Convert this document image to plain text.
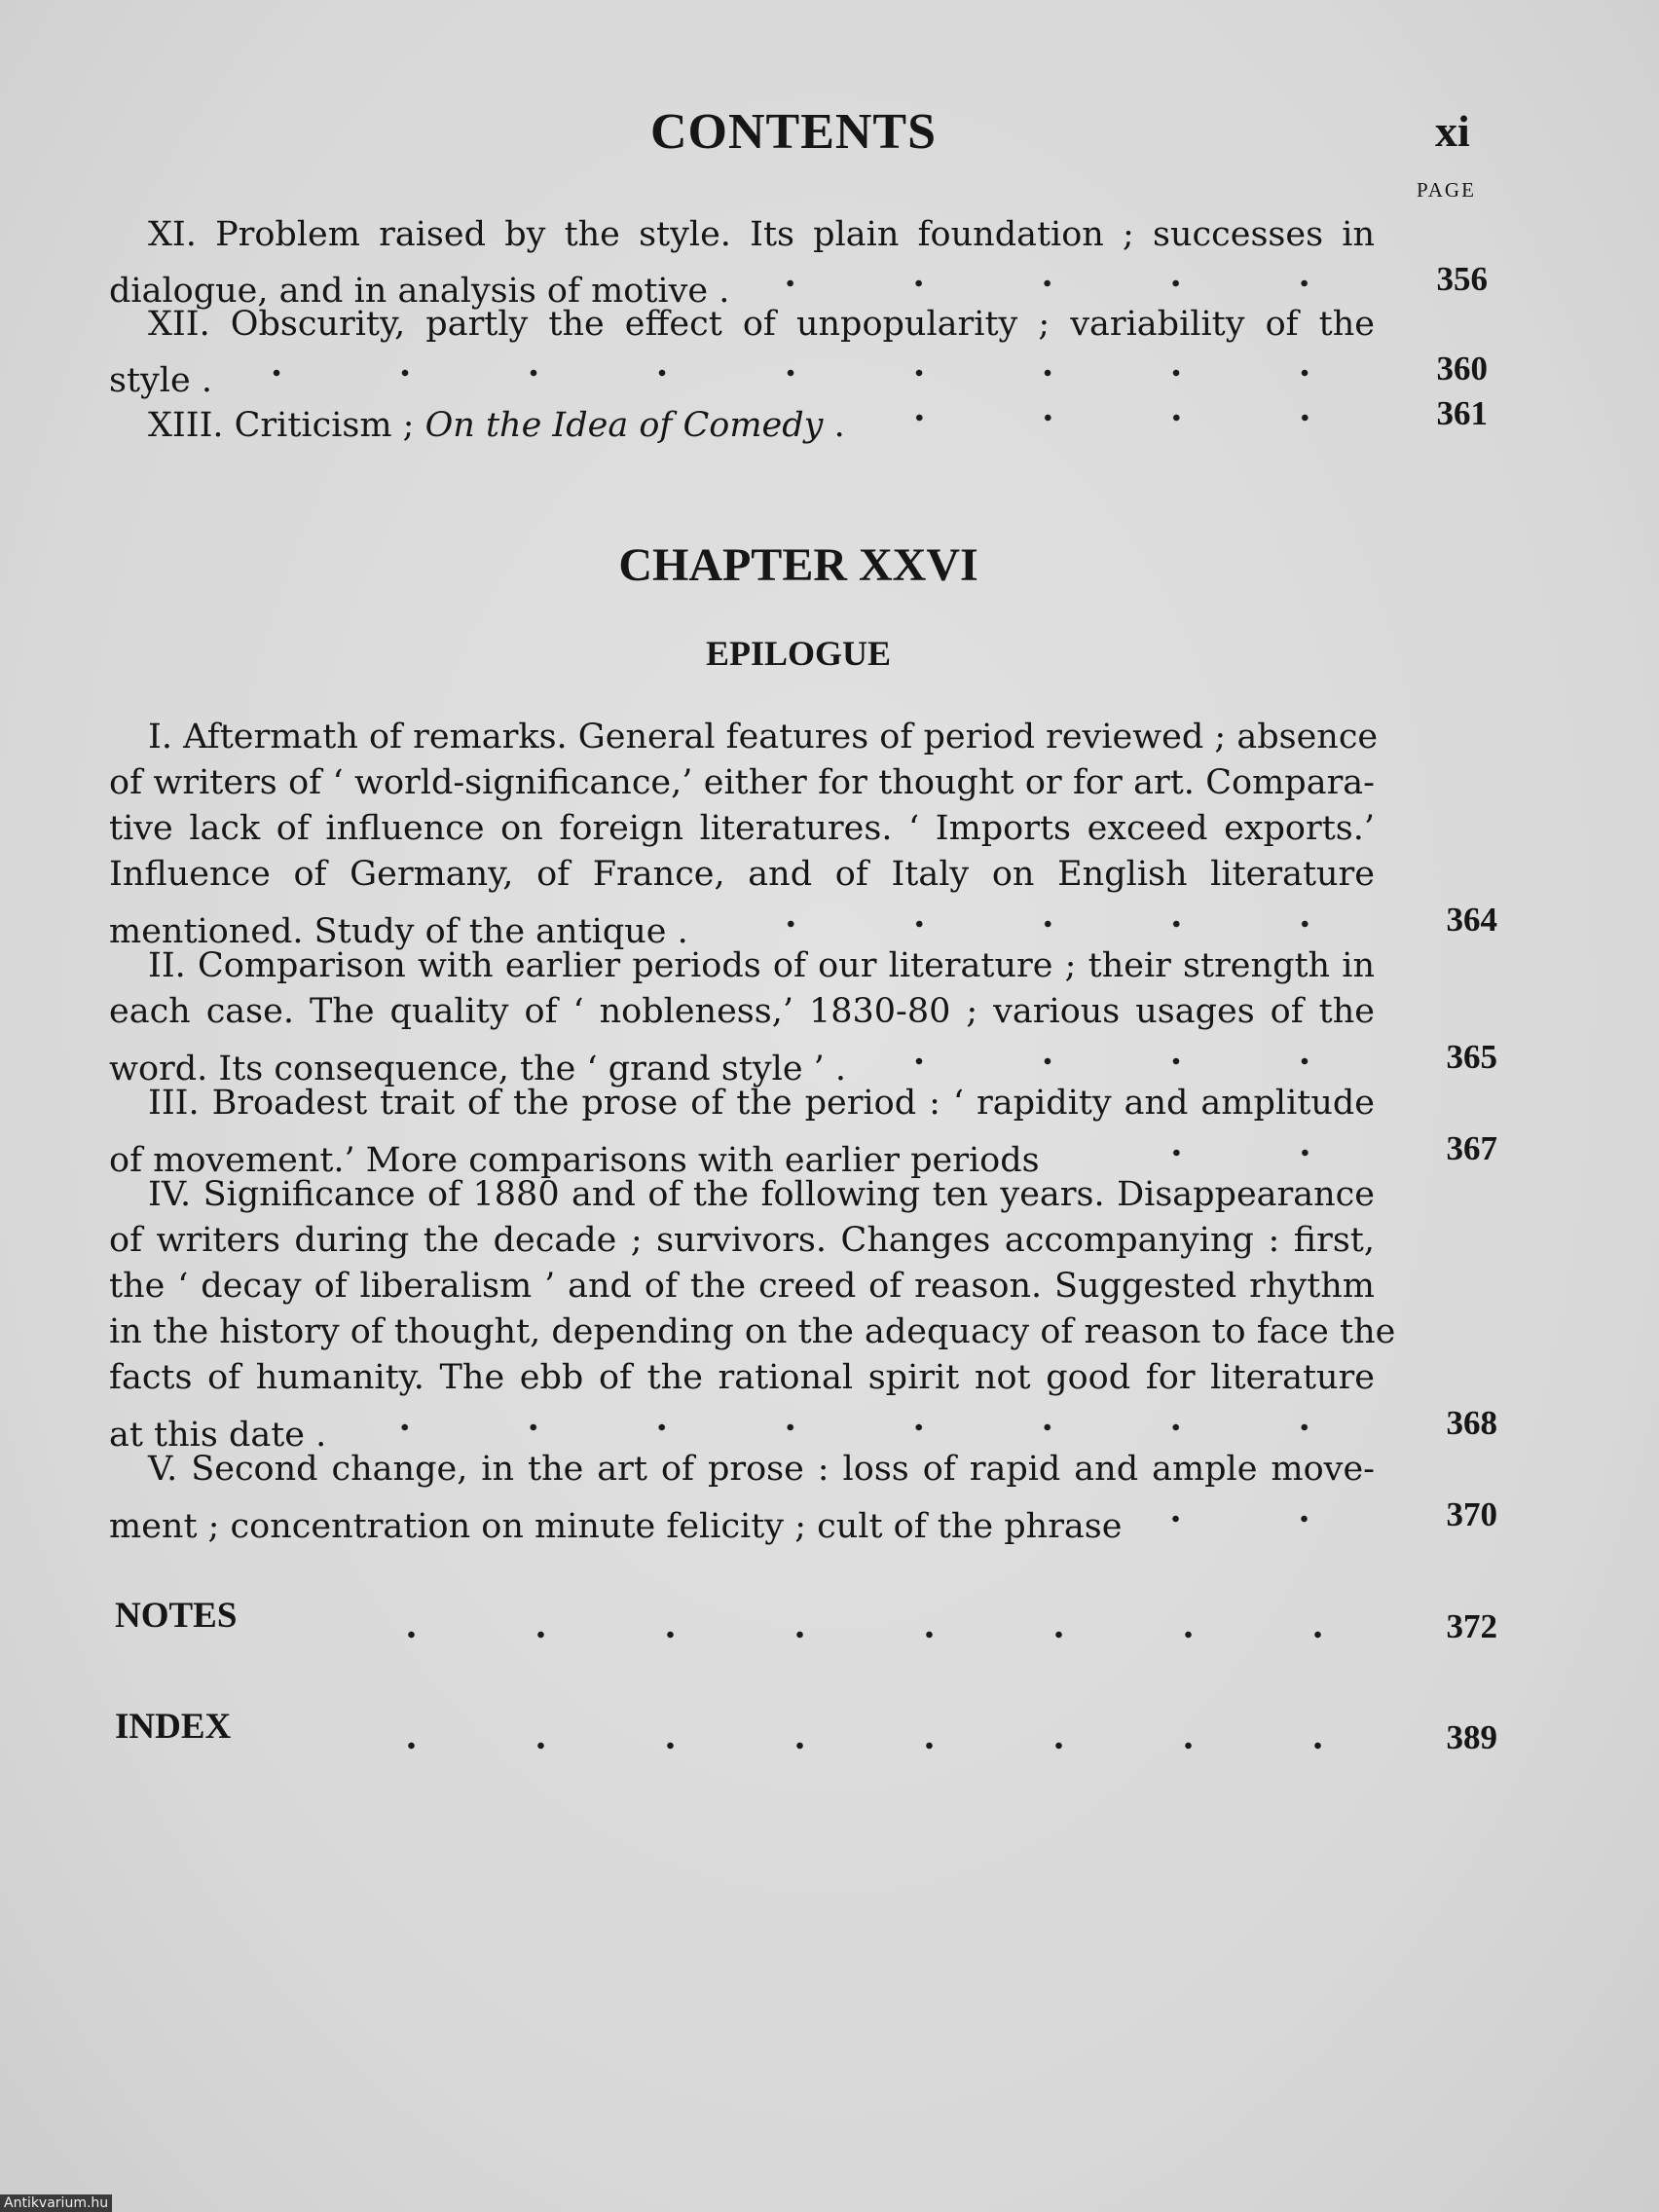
CONTENTS	xi
PAGE
XI. Problem raised by the style. Its plain foundation ; successes in
dialogue, and in analysis of motive .	356
XII. Obscurity, partly the effect of unpopularity ; variability of the
style .	360
XIII. Criticism ; On the Idea of Comedy .	361
CHAPTER XXVI
EPILOGUE
I. Aftermath of remarks. General features of period reviewed ; absence
of writers of ‘ world-significance,’ either for thought or for art. Compara-
tive lack of influence on foreign literatures. ‘ Imports exceed exports.’
Influence of Germany, of France, and of Italy on English literature
mentioned. Study of the antique .	364
II. Comparison with earlier periods of our literature ; their strength in
each case. The quality of ‘ nobleness,’ 1830-80 ; various usages of the
word. Its consequence, the ‘ grand style ’ .	365
III. Broadest trait of the prose of the period : ‘ rapidity and amplitude
of movement.’ More comparisons with earlier periods	367
IV. Significance of 1880 and of the following ten years. Disappearance
of writers during the decade ; survivors. Changes accompanying : first,
the ‘ decay of liberalism ’ and of the creed of reason. Suggested rhythm
in the history of thought, depending on the adequacy of reason to face the
facts of humanity. The ebb of the rational spirit not good for literature
at this date .	368
V. Second change, in the art of prose : loss of rapid and ample move-
ment ; concentration on minute felicity ; cult of the phrase	370
NOTES	372
INDEX	389
Antikvarium.hu
